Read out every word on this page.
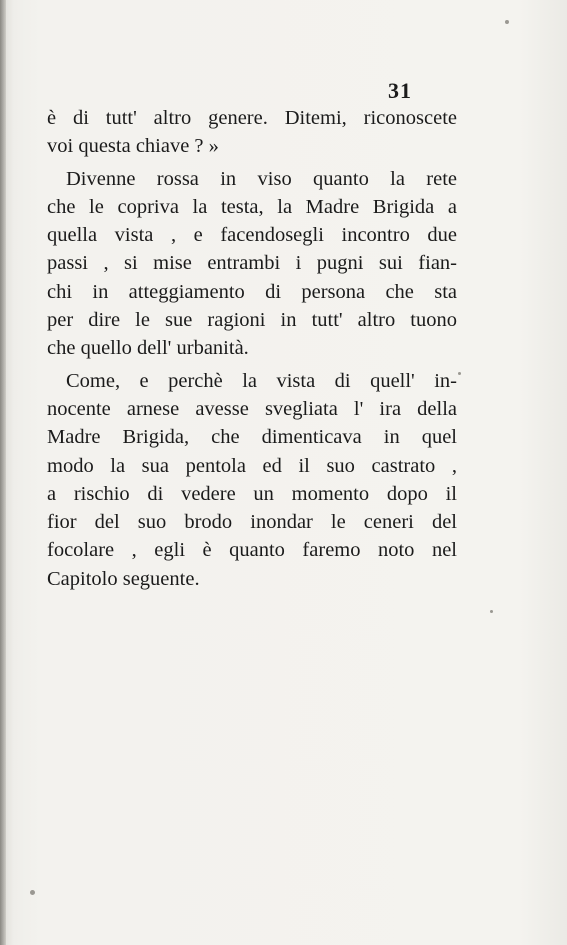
31

è di tutt' altro genere. Ditemi, riconoscete
voi questa chiave ? »

Divenne rossa in viso quanto la rete
che le copriva la testa, la Madre Brigida a
quella vista , e facendosegli incontro due
passi , si mise entrambi i pugni sui fian-
chi in atteggiamento di persona che sta
per dire le sue ragioni in tutt' altro tuono
che quello dell' urbanità.

Come, e perchè la vista di quell' in-
nocente arnese avesse svegliata l' ira della
Madre Brigida, che dimenticava in quel
modo la sua pentola ed il suo castrato ,
a rischio di vedere un momento dopo il
fior del suo brodo inondar le ceneri del
focolare , egli è quanto faremo noto nel
Capitolo seguente.
